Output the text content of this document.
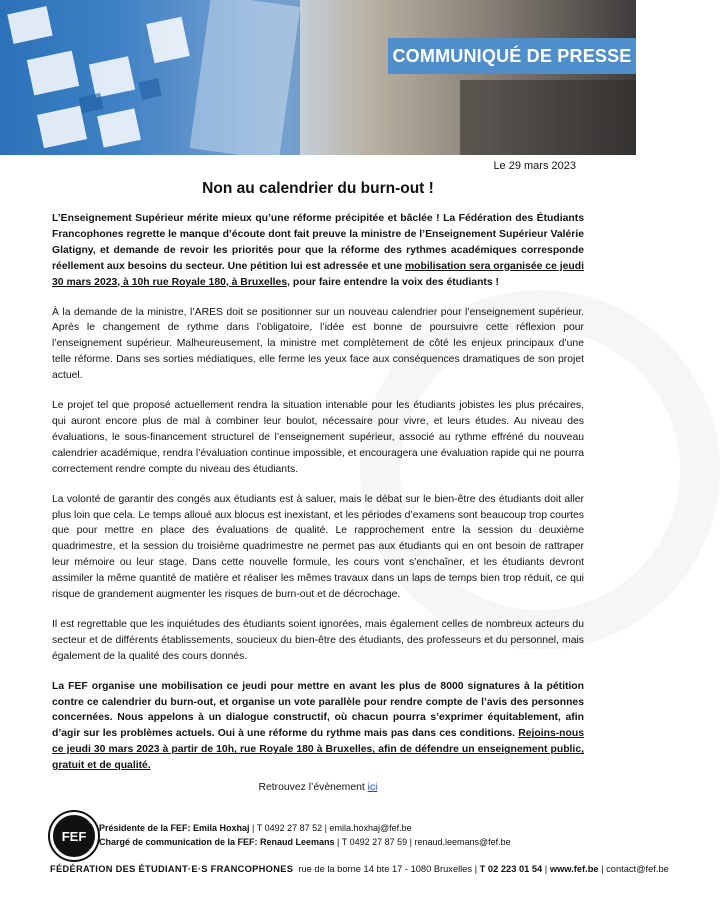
COMMUNIQUÉ DE PRESSE
Le 29 mars 2023
Non au calendrier du burn-out !

L’Enseignement Supérieur mérite mieux qu’une réforme précipitée et bâclée ! La Fédération des Étudiants Francophones regrette le manque d’écoute dont fait preuve la ministre de l’Enseignement Supérieur Valérie Glatigny, et demande de revoir les priorités pour que la réforme des rythmes académiques corresponde réellement aux besoins du secteur. Une pétition lui est adressée et une mobilisation sera organisée ce jeudi 30 mars 2023, à 10h rue Royale 180, à Bruxelles, pour faire entendre la voix des étudiants !

À la demande de la ministre, l’ARES doit se positionner sur un nouveau calendrier pour l’enseignement supérieur. Après le changement de rythme dans l’obligatoire, l’idée est bonne de poursuivre cette réflexion pour l’enseignement supérieur. Malheureusement, la ministre met complètement de côté les enjeux principaux d’une telle réforme. Dans ses sorties médiatiques, elle ferme les yeux face aux conséquences dramatiques de son projet actuel.

Le projet tel que proposé actuellement rendra la situation intenable pour les étudiants jobistes les plus précaires, qui auront encore plus de mal à combiner leur boulot, nécessaire pour vivre, et leurs études. Au niveau des évaluations, le sous-financement structurel de l’enseignement supérieur, associé au rythme effréné du nouveau calendrier académique, rendra l’évaluation continue impossible, et encouragera une évaluation rapide qui ne pourra correctement rendre compte du niveau des étudiants.

La volonté de garantir des congés aux étudiants est à saluer, mais le débat sur le bien-être des étudiants doit aller plus loin que cela. Le temps alloué aux blocus est inexistant, et les périodes d’examens sont beaucoup trop courtes que pour mettre en place des évaluations de qualité. Le rapprochement entre la session du deuxième quadrimestre, et la session du troisième quadrimestre ne permet pas aux étudiants qui en ont besoin de rattraper leur mémoire ou leur stage. Dans cette nouvelle formule, les cours vont s’enchaîner, et les étudiants devront assimiler la même quantité de matière et réaliser les mêmes travaux dans un laps de temps bien trop réduit, ce qui risque de grandement augmenter les risques de burn-out et de décrochage.

Il est regrettable que les inquiétudes des étudiants soient ignorées, mais également celles de nombreux acteurs du secteur et de différents établissements, soucieux du bien-être des étudiants, des professeurs et du personnel, mais également de la qualité des cours donnés.

La FEF organise une mobilisation ce jeudi pour mettre en avant les plus de 8000 signatures à la pétition contre ce calendrier du burn-out, et organise un vote parallèle pour rendre compte de l’avis des personnes concernées. Nous appelons à un dialogue constructif, où chacun pourra s’exprimer équitablement, afin d’agir sur les problèmes actuels. Oui à une réforme du rythme mais pas dans ces conditions. Rejoins-nous ce jeudi 30 mars 2023 à partir de 10h, rue Royale 180 à Bruxelles, afin de défendre un enseignement public, gratuit et de qualité.

Retrouvez l’évènement ici

FEF
Présidente de la FEF: Emila Hoxhaj | T 0492 27 87 52 | emila.hoxhaj@fef.be
Chargé de communication de la FEF: Renaud Leemans | T 0492 27 87 59 | renaud.leemans@fef.be
FÉDÉRATION DES ÉTUDIANT·E·S FRANCOPHONES rue de la borne 14 bte 17 - 1080 Bruxelles | T 02 223 01 54 | www.fef.be | contact@fef.be
